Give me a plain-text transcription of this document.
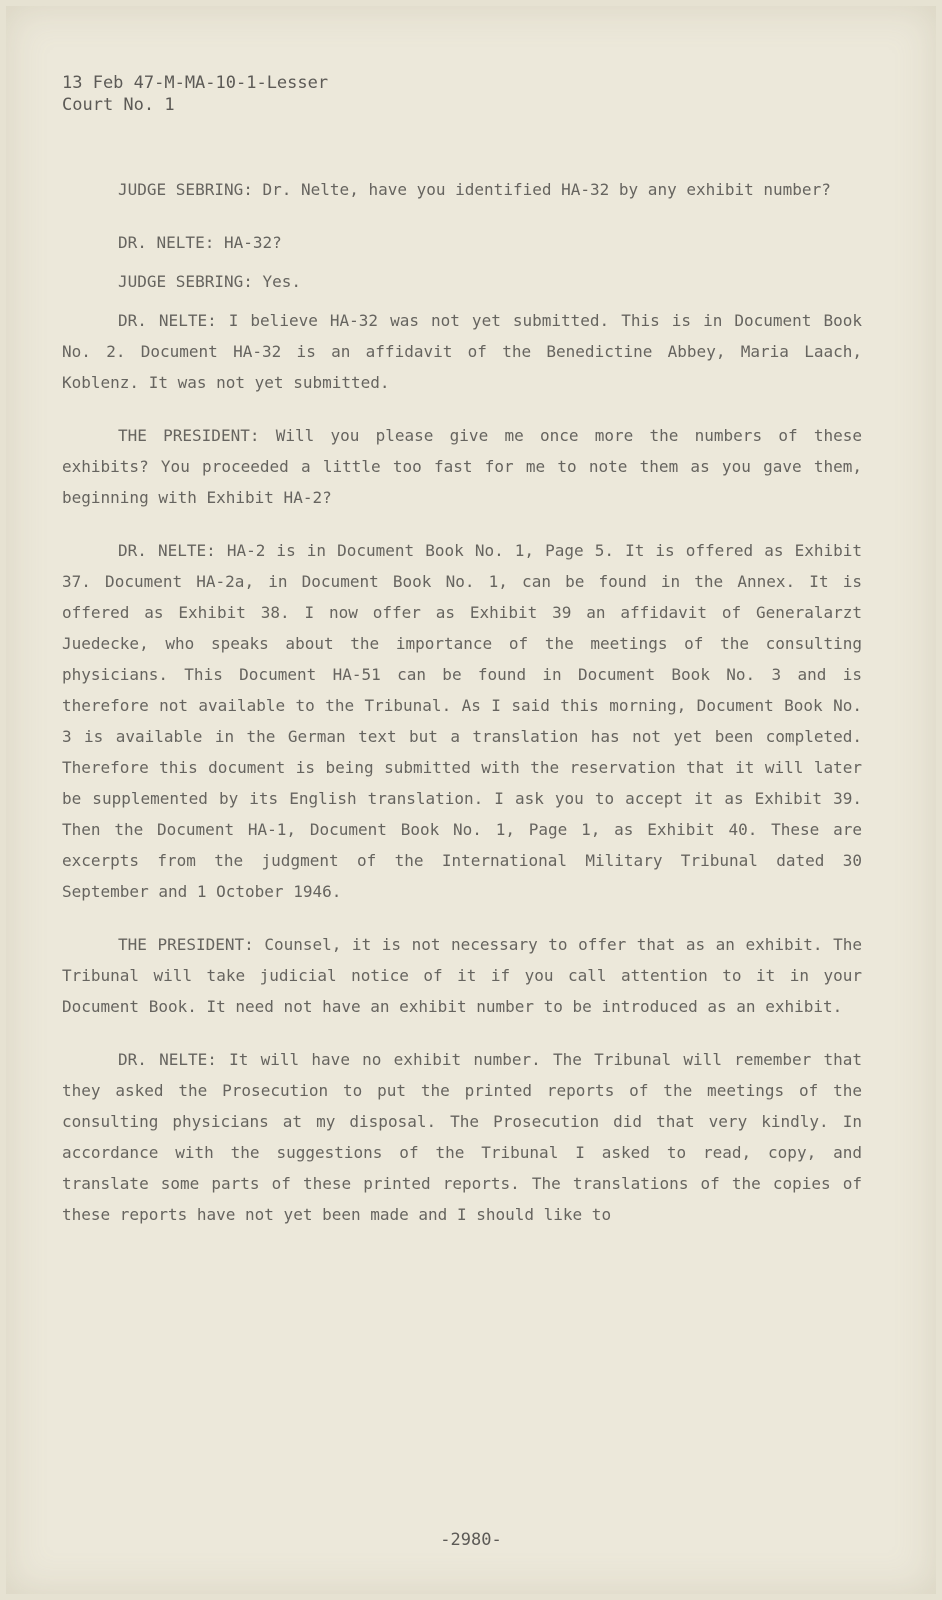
13 Feb 47-M-MA-10-1-Lesser
Court No. 1

JUDGE SEBRING: Dr. Nelte, have you identified HA-32 by any exhibit number?

DR. NELTE: HA-32?

JUDGE SEBRING: Yes.

DR. NELTE: I believe HA-32 was not yet submitted. This is in Document Book No. 2. Document HA-32 is an affidavit of the Benedictine Abbey, Maria Laach, Koblenz. It was not yet submitted.

THE PRESIDENT: Will you please give me once more the numbers of these exhibits? You proceeded a little too fast for me to note them as you gave them, beginning with Exhibit HA-2?

DR. NELTE: HA-2 is in Document Book No. 1, Page 5. It is offered as Exhibit 37. Document HA-2a, in Document Book No. 1, can be found in the Annex. It is offered as Exhibit 38. I now offer as Exhibit 39 an affidavit of Generalarzt Juedecke, who speaks about the importance of the meetings of the consulting physicians. This Document HA-51 can be found in Document Book No. 3 and is therefore not available to the Tribunal. As I said this morning, Document Book No. 3 is available in the German text but a translation has not yet been completed. Therefore this document is being submitted with the reservation that it will later be supplemented by its English translation. I ask you to accept it as Exhibit 39. Then the Document HA-1, Document Book No. 1, Page 1, as Exhibit 40. These are excerpts from the judgment of the International Military Tribunal dated 30 September and 1 October 1946.

THE PRESIDENT: Counsel, it is not necessary to offer that as an exhibit. The Tribunal will take judicial notice of it if you call attention to it in your Document Book. It need not have an exhibit number to be introduced as an exhibit.

DR. NELTE: It will have no exhibit number. The Tribunal will remember that they asked the Prosecution to put the printed reports of the meetings of the consulting physicians at my disposal. The Prosecution did that very kindly. In accordance with the suggestions of the Tribunal I asked to read, copy, and translate some parts of these printed reports. The translations of the copies of these reports have not yet been made and I should like to

-2980-
